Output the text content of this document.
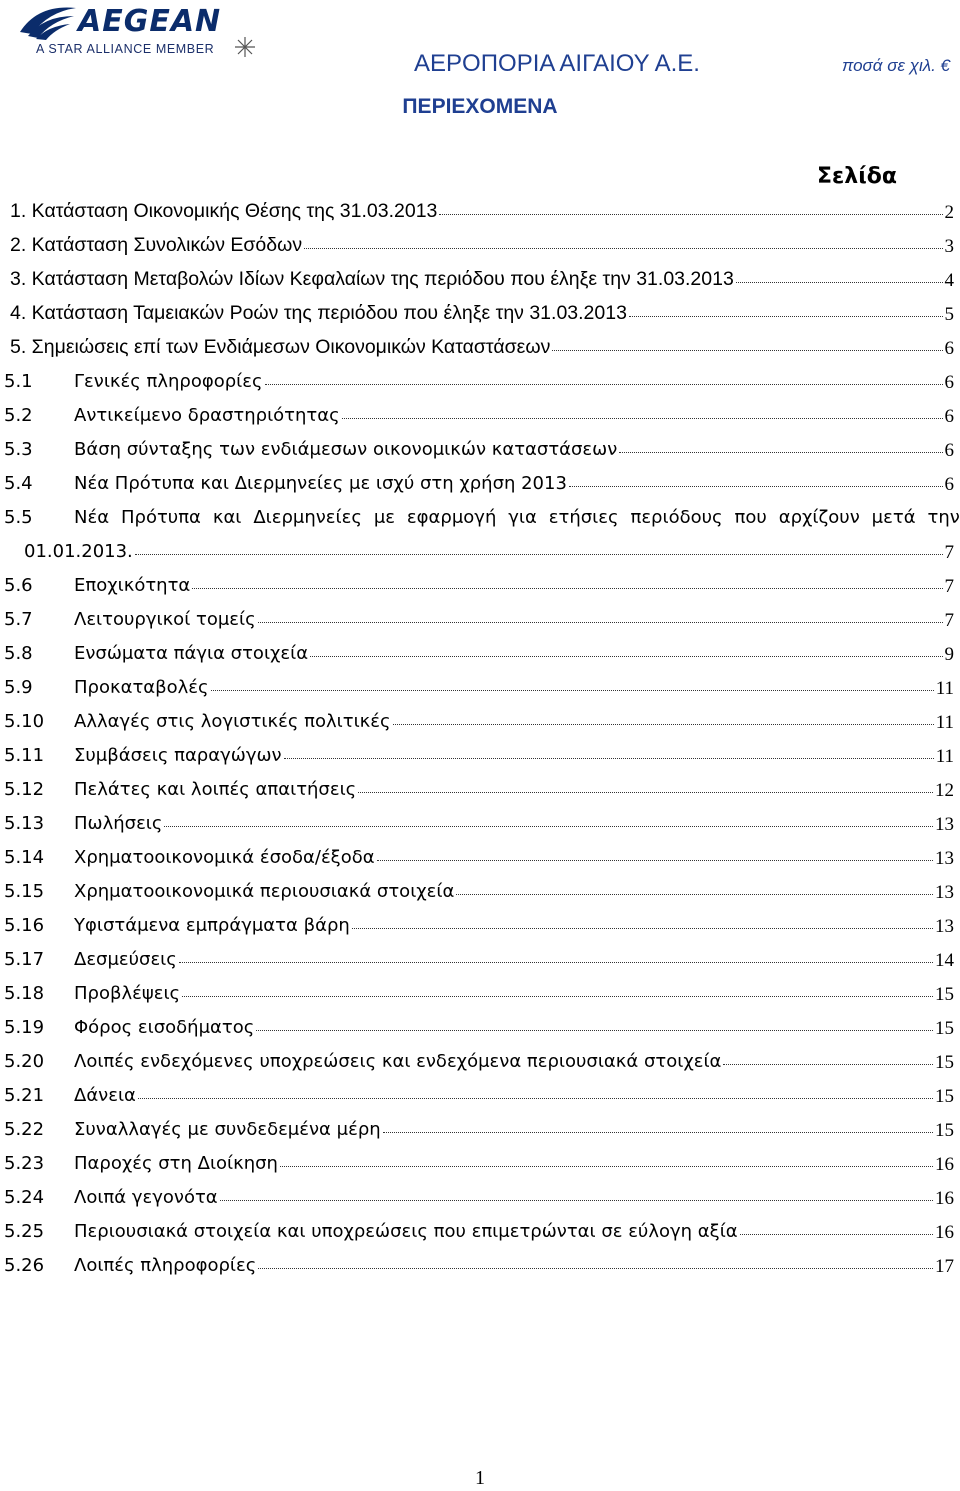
AEGEAN
A STAR ALLIANCE MEMBER
ΑΕΡΟΠΟΡΙΑ ΑΙΓΑΙΟΥ Α.Ε.	ποσά σε χιλ. €
ΠΕΡΙΕΧΟΜΕΝΑ
Σελίδα
1. Κατάσταση Οικονομικής Θέσης της 31.03.2013	2
2. Κατάσταση Συνολικών Εσόδων	3
3. Κατάσταση Μεταβολών Ιδίων Κεφαλαίων της περιόδου που έληξε την 31.03.2013	4
4. Κατάσταση Ταμειακών Ροών της περιόδου που έληξε την 31.03.2013	5
5. Σημειώσεις επί των Ενδιάμεσων Οικονομικών Καταστάσεων	6
5.1 Γενικές πληροφορίες	6
5.2 Αντικείμενο δραστηριότητας	6
5.3 Βάση σύνταξης των ενδιάμεσων οικονομικών καταστάσεων	6
5.4 Νέα Πρότυπα και Διερμηνείες με ισχύ στη χρήση 2013	6
5.5 Νέα Πρότυπα και Διερμηνείες με εφαρμογή για ετήσιες περιόδους που αρχίζουν μετά την
01.01.2013.	7
5.6 Εποχικότητα	7
5.7 Λειτουργικοί τομείς	7
5.8 Ενσώματα πάγια στοιχεία	9
5.9 Προκαταβολές	11
5.10 Αλλαγές στις λογιστικές πολιτικές	11
5.11 Συμβάσεις παραγώγων	11
5.12 Πελάτες και λοιπές απαιτήσεις	12
5.13 Πωλήσεις	13
5.14 Χρηματοοικονομικά έσοδα/έξοδα	13
5.15 Χρηματοοικονομικά περιουσιακά στοιχεία	13
5.16 Υφιστάμενα εμπράγματα βάρη	13
5.17 Δεσμεύσεις	14
5.18 Προβλέψεις	15
5.19 Φόρος εισοδήματος	15
5.20 Λοιπές ενδεχόμενες υποχρεώσεις και ενδεχόμενα περιουσιακά στοιχεία	15
5.21 Δάνεια	15
5.22 Συναλλαγές με συνδεδεμένα μέρη	15
5.23 Παροχές στη Διοίκηση	16
5.24 Λοιπά γεγονότα	16
5.25 Περιουσιακά στοιχεία και υποχρεώσεις που επιμετρώνται σε εύλογη αξία	16
5.26 Λοιπές πληροφορίες	17
1
